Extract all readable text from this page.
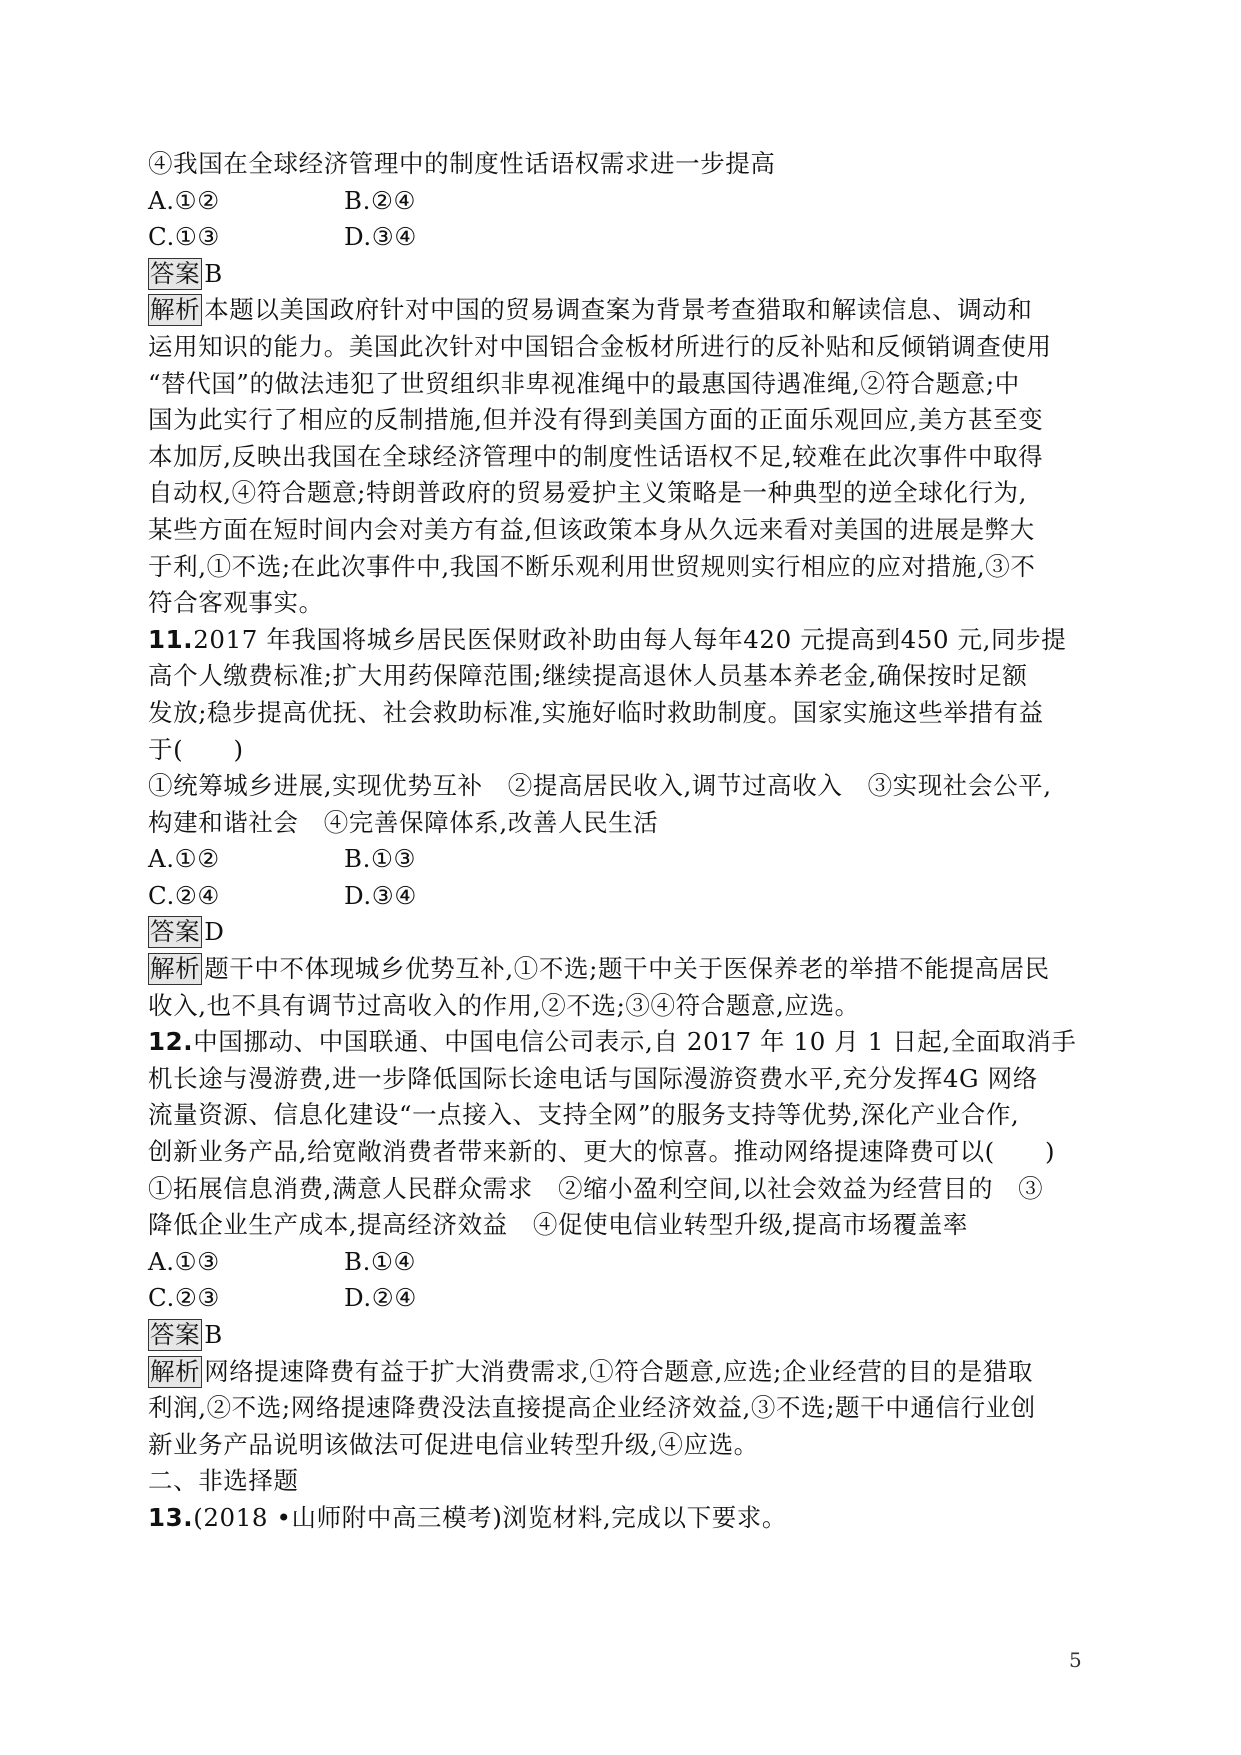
④我国在全球经济管理中的制度性话语权需求进一步提高
A.①②	B.②④
C.①③	D.③④
答案 B
解析 本题以美国政府针对中国的贸易调查案为背景考查猎取和解读信息、调动和
运用知识的能力。美国此次针对中国铝合金板材所进行的反补贴和反倾销调查使用
“替代国”的做法违犯了世贸组织非卑视准绳中的最惠国待遇准绳,②符合题意;中
国为此实行了相应的反制措施,但并没有得到美国方面的正面乐观回应,美方甚至变
本加厉,反映出我国在全球经济管理中的制度性话语权不足,较难在此次事件中取得
自动权,④符合题意;特朗普政府的贸易爱护主义策略是一种典型的逆全球化行为,
某些方面在短时间内会对美方有益,但该政策本身从久远来看对美国的进展是弊大
于利,①不选;在此次事件中,我国不断乐观利用世贸规则实行相应的应对措施,③不
符合客观事实。
11.2017 年我国将城乡居民医保财政补助由每人每年420 元提高到450 元,同步提
高个人缴费标准;扩大用药保障范围;继续提高退休人员基本养老金,确保按时足额
发放;稳步提高优抚、社会救助标准,实施好临时救助制度。国家实施这些举措有益
于(　　)
①统筹城乡进展,实现优势互补　②提高居民收入,调节过高收入　③实现社会公平,
构建和谐社会　④完善保障体系,改善人民生活
A.①②	B.①③
C.②④	D.③④
答案 D
解析 题干中不体现城乡优势互补,①不选;题干中关于医保养老的举措不能提高居民
收入,也不具有调节过高收入的作用,②不选;③④符合题意,应选。
12.中国挪动、中国联通、中国电信公司表示,自 2017 年 10 月 1 日起,全面取消手
机长途与漫游费,进一步降低国际长途电话与国际漫游资费水平,充分发挥4G 网络
流量资源、信息化建设“一点接入、支持全网”的服务支持等优势,深化产业合作,
创新业务产品,给宽敞消费者带来新的、更大的惊喜。推动网络提速降费可以(　　)
①拓展信息消费,满意人民群众需求　②缩小盈利空间,以社会效益为经营目的　③
降低企业生产成本,提高经济效益　④促使电信业转型升级,提高市场覆盖率
A.①③	B.①④
C.②③	D.②④
答案 B
解析 网络提速降费有益于扩大消费需求,①符合题意,应选;企业经营的目的是猎取
利润,②不选;网络提速降费没法直接提高企业经济效益,③不选;题干中通信行业创
新业务产品说明该做法可促进电信业转型升级,④应选。
二、非选择题
13.(2018 •山师附中高三模考)浏览材料,完成以下要求。
5
